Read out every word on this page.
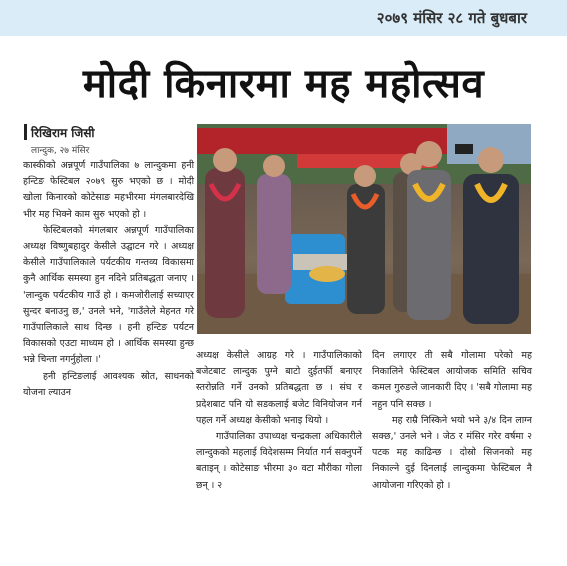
२०७९ मंसिर २८ गते बुधबार
मोदी किनारमा मह महोत्सव
रिखिराम जिसी
लान्दुक, २७ मंसिर

कास्कीको अन्नपूर्ण गाउँपालिका ७ लान्दुकमा हनी हन्टिङ फेस्टिबल २०७९ सुरु भएको छ । मोदी खोला किनारको कोटेसाङ महभीरमा मंगलबारदेखि भीर मह भिक्ने काम सुरु भएको हो ।

फेस्टिबलको मंगलबार अन्नपूर्ण गाउँपालिका अध्यक्ष विष्णुबहादुर केसीले उद्घाटन गरे । अध्यक्ष केसीले गाउँपालिकाले पर्यटकीय गन्तव्य विकासमा कुनै आर्थिक समस्या हुन नदिने प्रतिबद्धता जनाए । 'लान्दुक पर्यटकीय गाउँ हो । कमजोरीलाई सच्याएर सुन्दर बनाउनु छ,' उनले भने, 'गाउँलेले मेहनत गरे गाउँपालिकाले साथ दिन्छ । हनी हन्टिङ पर्यटन विकासको एउटा माध्यम हो । आर्थिक समस्या हुन्छ भन्ने चिन्ता नगर्नुहोला ।'

हनी हन्टिङलाई आवश्यक स्रोत, साधनको योजना ल्याउन

अध्यक्ष केसीले आग्रह गरे । गाउँपालिकाको बजेटबाट लान्दुक पुग्ने बाटो दुईतर्फी बनाएर स्तरोन्नति गर्ने उनको प्रतिबद्धता छ । संघ र प्रदेशबाट पनि यो सडकलाई बजेट विनियोजन गर्न पहल गर्ने अध्यक्ष केसीको भनाइ थियो ।

गाउँपालिका उपाध्यक्ष चन्द्रकला अधिकारीले लान्दुकको महलाई विदेशसम्म निर्यात गर्न सक्नुपर्ने बताइन् । कोटेसाङ भीरमा ३० वटा मौरीका गोला छन् । २

दिन लगाएर ती सबै गोलामा परेको मह निकालिने फेस्टिबल आयोजक समिति सचिव कमल गुरुङले जानकारी दिए । 'सबै गोलामा मह नहुन पनि सक्छ ।

मह राम्रै निस्किने भयो भने ३/४ दिन लाग्न सक्छ,' उनले भने । जेठ र मंसिर गरेर वर्षमा २ पटक मह काढिन्छ । दोस्रो सिजनको मह निकाल्ने दुई दिनलाई लान्दुकमा फेस्टिबल नै आयोजना गरिएको हो ।
